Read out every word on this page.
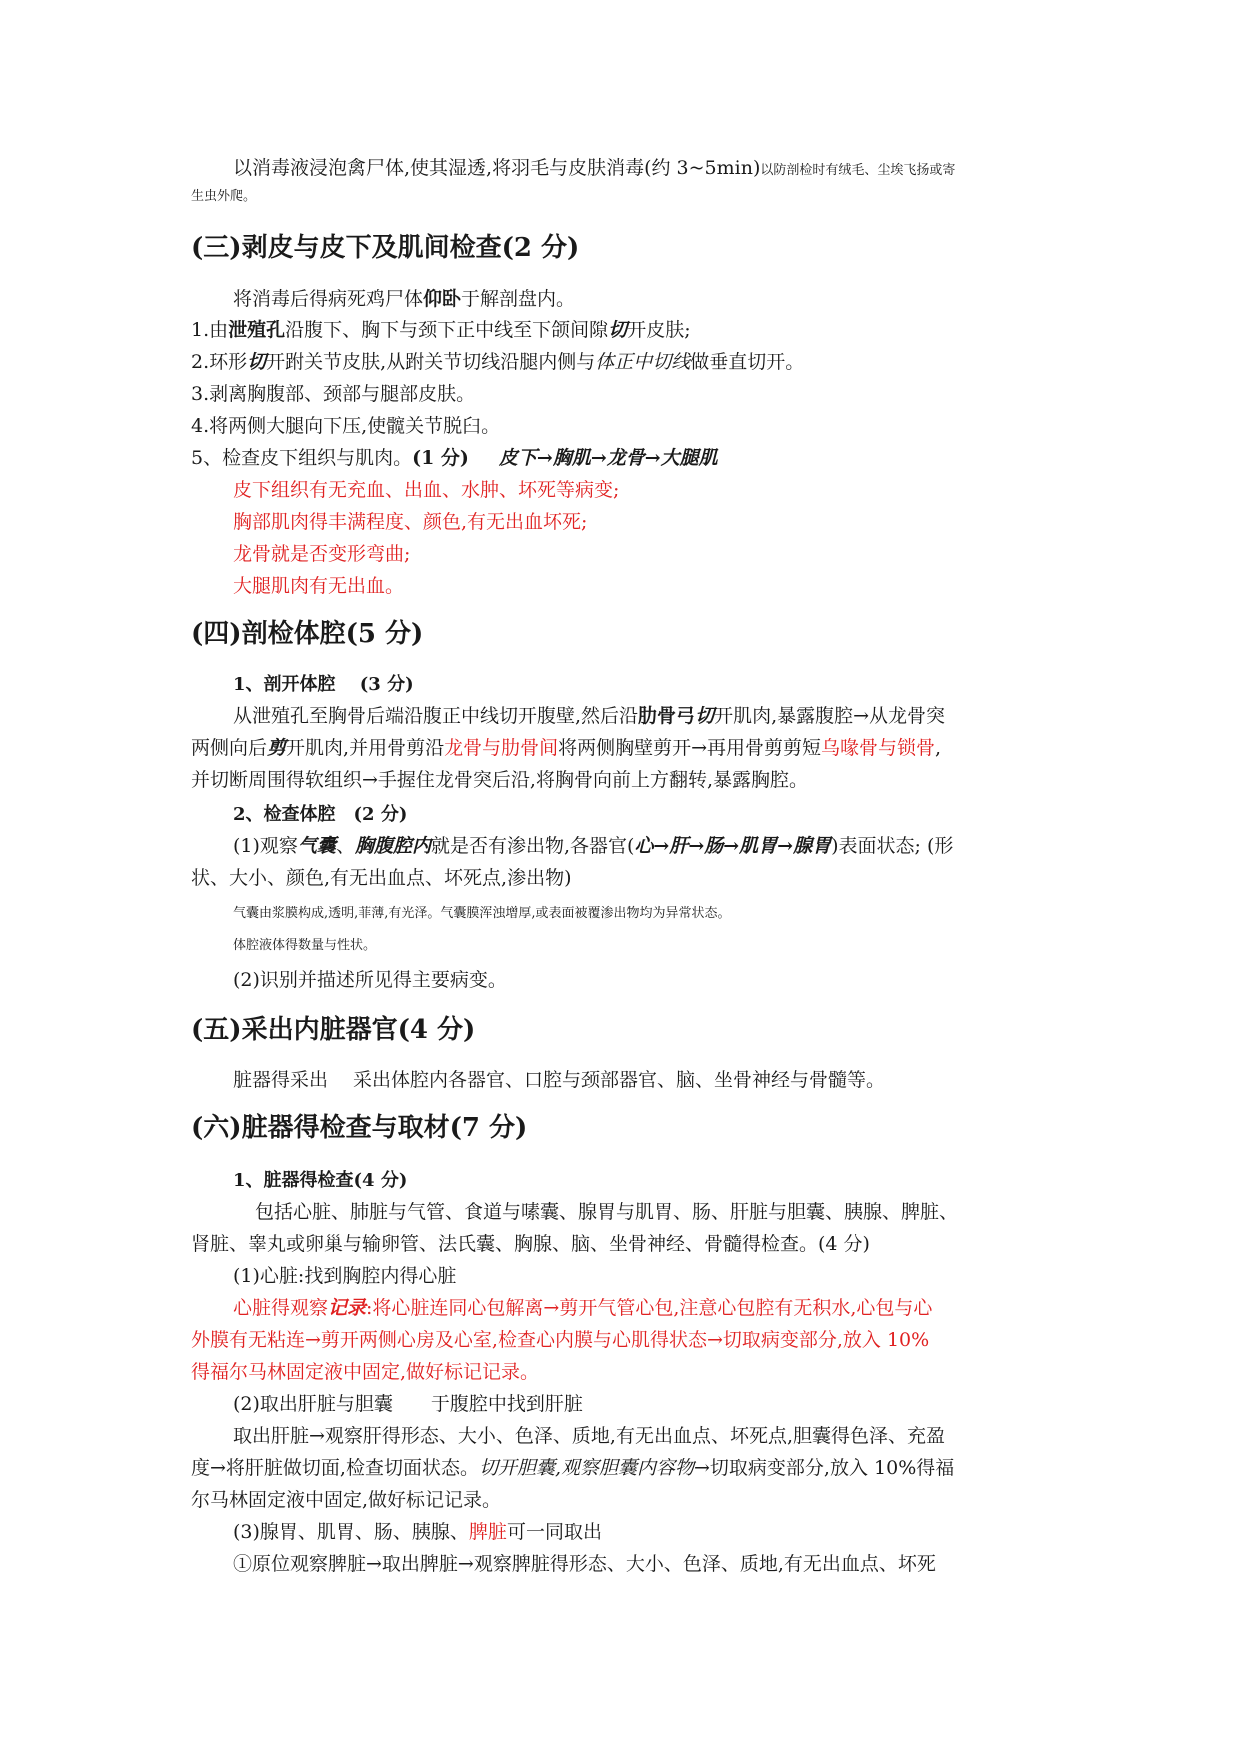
以消毒液浸泡禽尸体,使其湿透,将羽毛与皮肤消毒(约 3~5min)以防剖检时有绒毛、尘埃飞扬或寄
生虫外爬。
(三)剥皮与皮下及肌间检查(2 分)
将消毒后得病死鸡尸体仰卧于解剖盘内。
1.由泄殖孔沿腹下、胸下与颈下正中线至下颌间隙切开皮肤;
2.环形切开跗关节皮肤,从跗关节切线沿腿内侧与体正中切线做垂直切开。
3.剥离胸腹部、颈部与腿部皮肤。
4.将两侧大腿向下压,使髋关节脱臼。
5、检查皮下组织与肌肉。(1 分) 皮下→胸肌→龙骨→大腿肌
皮下组织有无充血、出血、水肿、坏死等病变;
胸部肌肉得丰满程度、颜色,有无出血坏死;
龙骨就是否变形弯曲;
大腿肌肉有无出血。
(四)剖检体腔(5 分)
1、剖开体腔　 (3 分)
从泄殖孔至胸骨后端沿腹正中线切开腹壁,然后沿肋骨弓切开肌肉,暴露腹腔→从龙骨突
两侧向后剪开肌肉,并用骨剪沿龙骨与肋骨间将两侧胸壁剪开→再用骨剪剪短乌喙骨与锁骨,
并切断周围得软组织→手握住龙骨突后沿,将胸骨向前上方翻转,暴露胸腔。
2、检查体腔　(2 分)
(1)观察气囊、胸腹腔内就是否有渗出物,各器官(心→肝→肠→肌胃→腺胃)表面状态; (形
状、大小、颜色,有无出血点、坏死点,渗出物)
气囊由浆膜构成,透明,菲薄,有光泽。气囊膜浑浊增厚,或表面被覆渗出物均为异常状态。
体腔液体得数量与性状。
(2)识别并描述所见得主要病变。
(五)采出内脏器官(4 分)
脏器得采出　 采出体腔内各器官、口腔与颈部器官、脑、坐骨神经与骨髓等。
(六)脏器得检查与取材(7 分)
1、脏器得检查(4 分)
包括心脏、肺脏与气管、食道与嗉囊、腺胃与肌胃、肠、肝脏与胆囊、胰腺、脾脏、
肾脏、睾丸或卵巢与输卵管、法氏囊、胸腺、脑、坐骨神经、骨髓得检查。(4 分)
(1)心脏:找到胸腔内得心脏
心脏得观察记录:将心脏连同心包解离→剪开气管心包,注意心包腔有无积水,心包与心
外膜有无粘连→剪开两侧心房及心室,检查心内膜与心肌得状态→切取病变部分,放入 10%
得福尔马林固定液中固定,做好标记记录。
(2)取出肝脏与胆囊　　于腹腔中找到肝脏
取出肝脏→观察肝得形态、大小、色泽、质地,有无出血点、坏死点,胆囊得色泽、充盈
度→将肝脏做切面,检查切面状态。切开胆囊,观察胆囊内容物→切取病变部分,放入 10%得福
尔马林固定液中固定,做好标记记录。
(3)腺胃、肌胃、肠、胰腺、脾脏可一同取出
①原位观察脾脏→取出脾脏→观察脾脏得形态、大小、色泽、质地,有无出血点、坏死
